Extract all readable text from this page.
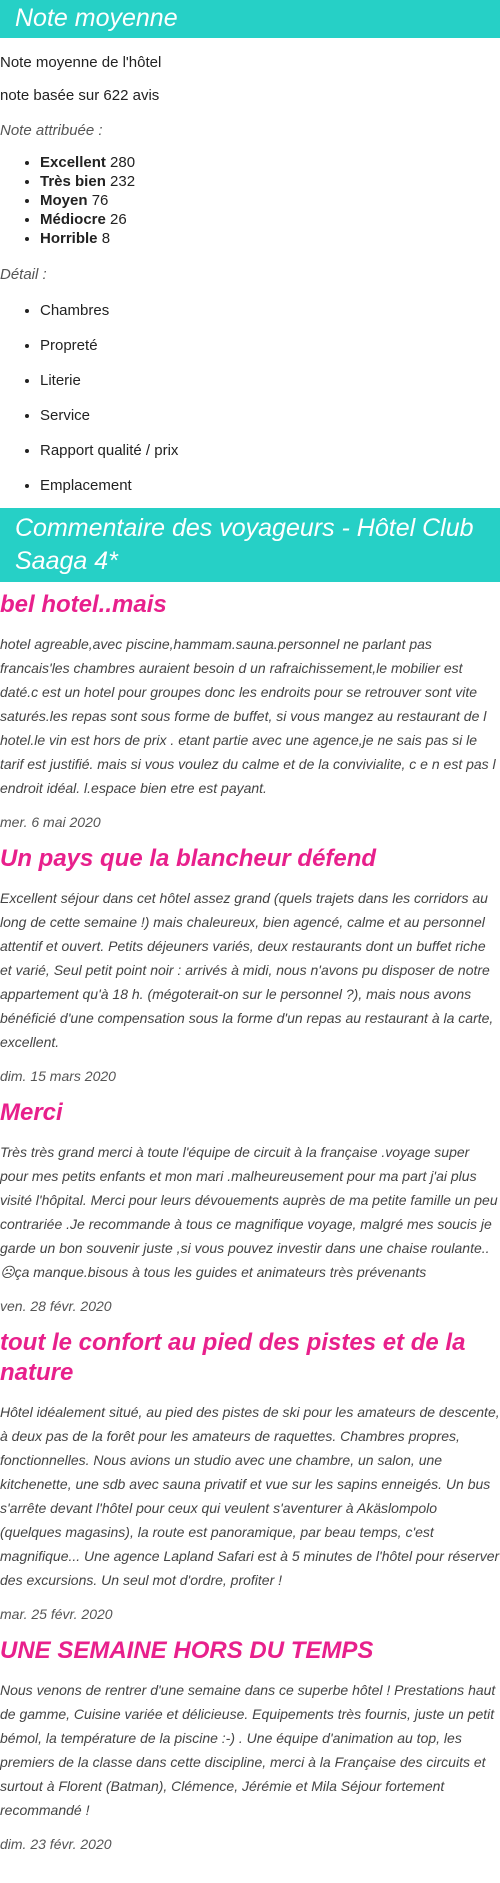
Note moyenne

Note moyenne de l'hôtel

note basée sur 622 avis

Note attribuée :

• Excellent 280
• Très bien 232
• Moyen 76
• Médiocre 26
• Horrible 8

Détail :

• Chambres
• Propreté
• Literie
• Service
• Rapport qualité / prix
• Emplacement
Commentaire des voyageurs - Hôtel Club Saaga 4*
bel hotel..mais

hotel agreable,avec piscine,hammam.sauna.personnel ne parlant pas francais'les chambres auraient besoin d un rafraichissement,le mobilier est daté.c est un hotel pour groupes donc les endroits pour se retrouver sont vite saturés.les repas sont sous forme de buffet, si vous mangez au restaurant de l hotel.le vin est hors de prix . etant partie avec une agence,je ne sais pas si le tarif est justifié. mais si vous voulez du calme et de la convivialite, c e n est pas l endroit idéal. l.espace bien etre est payant.

mer. 6 mai 2020
Un pays que la blancheur défend

Excellent séjour dans cet hôtel assez grand (quels trajets dans les corridors au long de cette semaine !) mais chaleureux, bien agencé, calme et au personnel attentif et ouvert. Petits déjeuners variés, deux restaurants dont un buffet riche et varié, Seul petit point noir : arrivés à midi, nous n'avons pu disposer de notre appartement qu'à 18 h. (mégoterait-on sur le personnel ?), mais nous avons bénéficié d'une compensation sous la forme d'un repas au restaurant à la carte, excellent.

dim. 15 mars 2020
Merci

Très très grand merci à toute l'équipe de circuit à la française .voyage super pour mes petits enfants et mon mari .malheureusement pour ma part j'ai plus visité l'hôpital. Merci pour leurs dévouements auprès de ma petite famille un peu contrariée .Je recommande à tous ce magnifique voyage, malgré mes soucis je garde un bon souvenir juste ,si vous pouvez investir dans une chaise roulante.. ☹ça manque.bisous à tous les guides et animateurs très prévenants

ven. 28 févr. 2020
tout le confort au pied des pistes et de la nature

Hôtel idéalement situé, au pied des pistes de ski pour les amateurs de descente, à deux pas de la forêt pour les amateurs de raquettes. Chambres propres, fonctionnelles. Nous avions un studio avec une chambre, un salon, une kitchenette, une sdb avec sauna privatif et vue sur les sapins enneigés. Un bus s'arrête devant l'hôtel pour ceux qui veulent s'aventurer à Akäslompolo (quelques magasins), la route est panoramique, par beau temps, c'est magnifique... Une agence Lapland Safari est à 5 minutes de l'hôtel pour réserver des excursions. Un seul mot d'ordre, profiter !

mar. 25 févr. 2020
UNE SEMAINE HORS DU TEMPS

Nous venons de rentrer d'une semaine dans ce superbe hôtel ! Prestations haut de gamme, Cuisine variée et délicieuse. Equipements très fournis, juste un petit bémol, la température de la piscine :-) . Une équipe d'animation au top, les premiers de la classe dans cette discipline, merci à la Française des circuits et surtout à Florent (Batman), Clémence, Jérémie et Mila Séjour fortement recommandé !

dim. 23 févr. 2020
